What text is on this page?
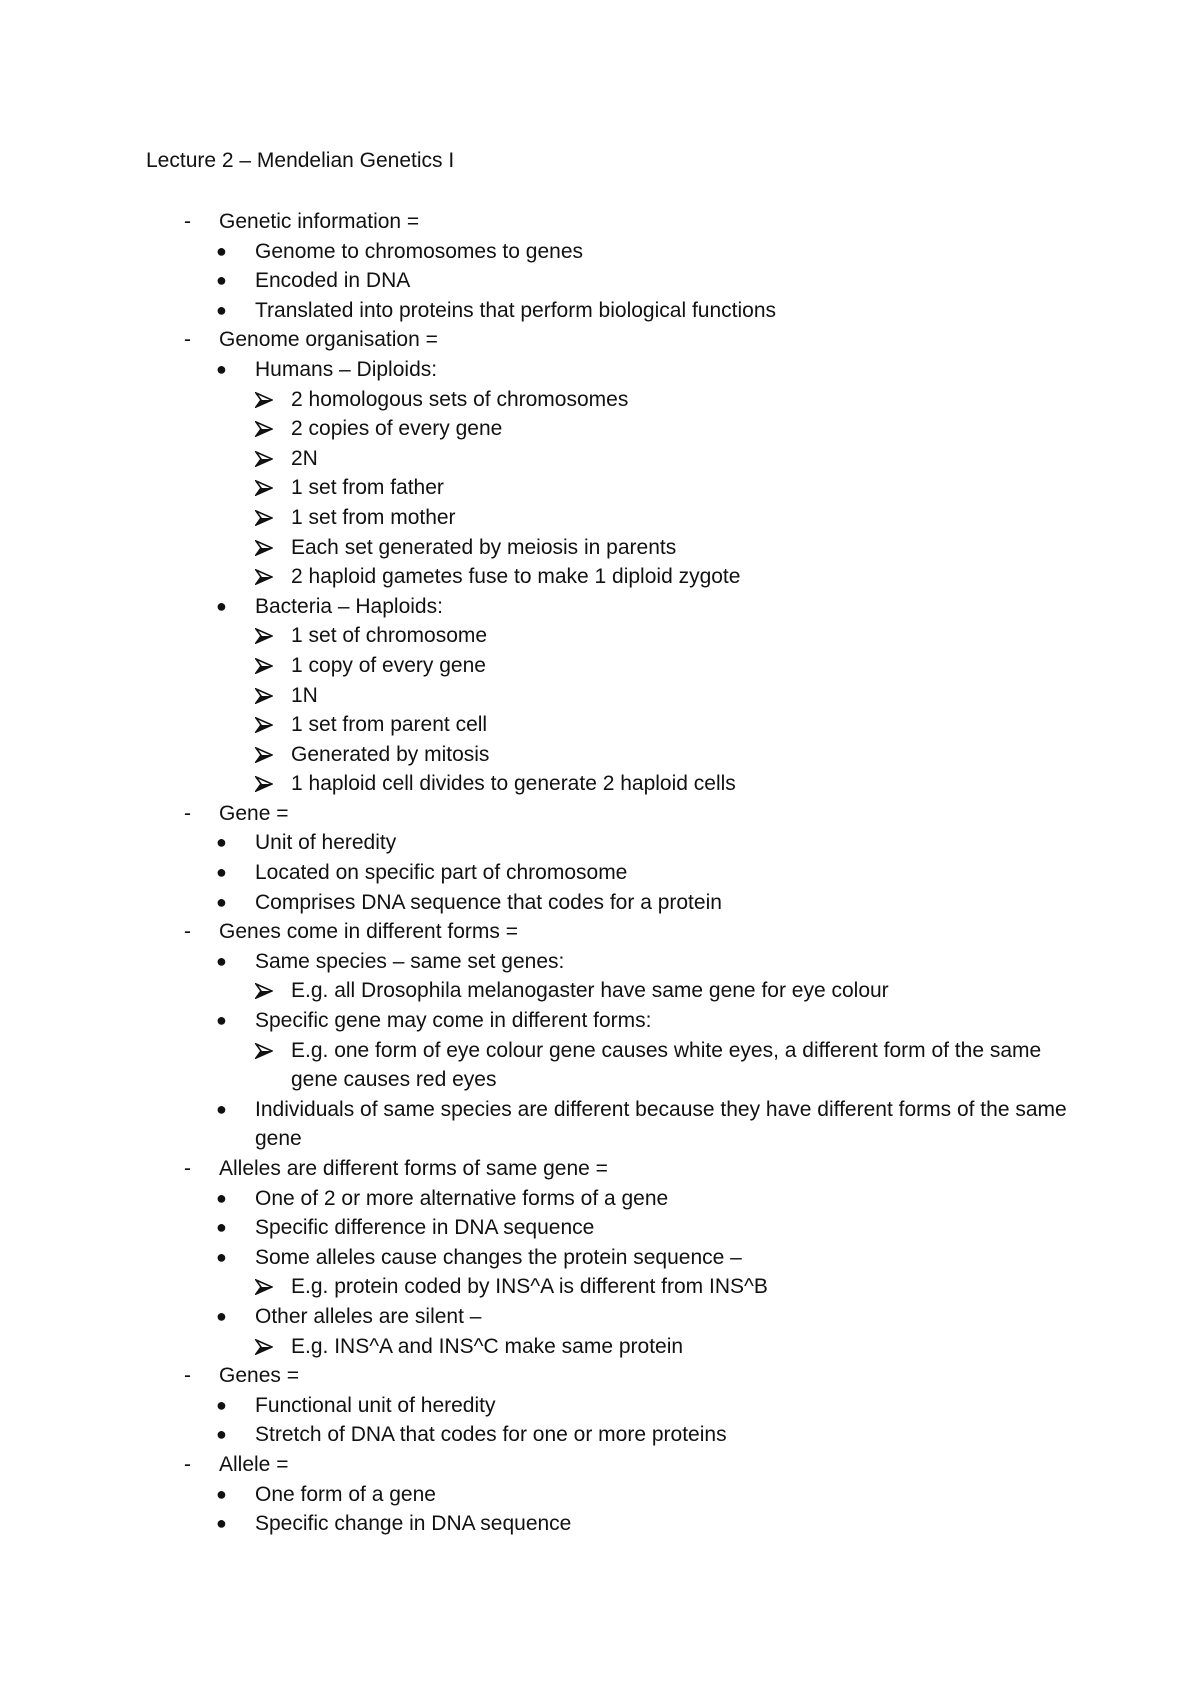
Lecture 2 – Mendelian Genetics I
- Genetic information =
● Genome to chromosomes to genes
● Encoded in DNA
● Translated into proteins that perform biological functions
- Genome organisation =
● Humans – Diploids:
2 homologous sets of chromosomes
2 copies of every gene
2N
1 set from father
1 set from mother
Each set generated by meiosis in parents
2 haploid gametes fuse to make 1 diploid zygote
● Bacteria – Haploids:
1 set of chromosome
1 copy of every gene
1N
1 set from parent cell
Generated by mitosis
1 haploid cell divides to generate 2 haploid cells
- Gene =
● Unit of heredity
● Located on specific part of chromosome
● Comprises DNA sequence that codes for a protein
- Genes come in different forms =
● Same species – same set genes:
E.g. all Drosophila melanogaster have same gene for eye colour
● Specific gene may come in different forms:
E.g. one form of eye colour gene causes white eyes, a different form of the same gene causes red eyes
● Individuals of same species are different because they have different forms of the same gene
- Alleles are different forms of same gene =
● One of 2 or more alternative forms of a gene
● Specific difference in DNA sequence
● Some alleles cause changes the protein sequence –
E.g. protein coded by INS^A is different from INS^B
● Other alleles are silent –
E.g. INS^A and INS^C make same protein
- Genes =
● Functional unit of heredity
● Stretch of DNA that codes for one or more proteins
- Allele =
● One form of a gene
● Specific change in DNA sequence
